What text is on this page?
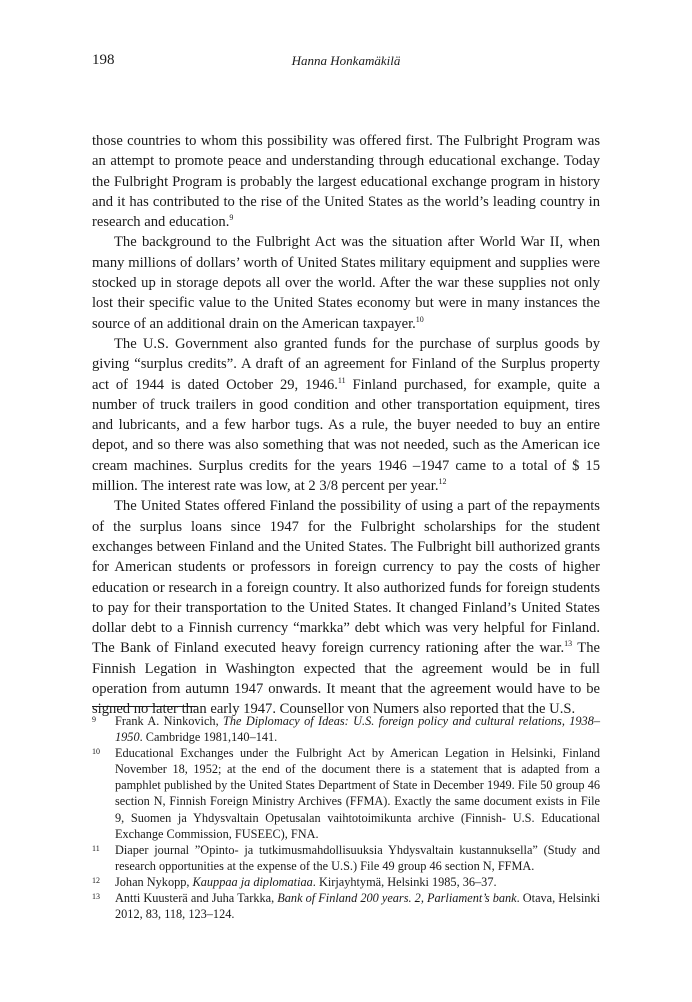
198	Hanna Honkamäkilä

those countries to whom this possibility was offered first. The Fulbright Program was an attempt to promote peace and understanding through educational exchange. Today the Fulbright Program is probably the largest educational exchange program in history and it has contributed to the rise of the United States as the world’s leading country in research and education.$^9$

The background to the Fulbright Act was the situation after World War II, when many millions of dollars’ worth of United States military equipment and supplies were stocked up in storage depots all over the world. After the war these supplies not only lost their specific value to the United States economy but were in many instances the source of an additional drain on the American taxpayer.$^{10}$

The U.S. Government also granted funds for the purchase of surplus goods by giving “surplus credits”. A draft of an agreement for Finland of the Surplus property act of 1944 is dated October 29, 1946.11 Finland purchased, for example, quite a number of truck trailers in good condition and other transportation equipment, tires and lubricants, and a few harbor tugs. As a rule, the buyer needed to buy an entire depot, and so there was also something that was not needed, such as the American ice cream machines. Surplus credits for the years 1946 –1947 came to a total of $ 15 million. The interest rate was low, at 2 3/8 percent per year.$^{12}$

The United States offered Finland the possibility of using a part of the repayments of the surplus loans since 1947 for the Fulbright scholarships for the student exchanges between Finland and the United States. The Fulbright bill authorized grants for American students or professors in foreign currency to pay the costs of higher education or research in a foreign country. It also authorized funds for foreign students to pay for their transportation to the United States. It changed Finland’s United States dollar debt to a Finnish currency “markka” debt which was very helpful for Finland. The Bank of Finland executed heavy foreign currency rationing after the war.$^{13}$ The Finnish Legation in Washington expected that the agreement would be in full operation from autumn 1947 onwards. It meant that the agreement would have to be signed no later than early 1947. Counsellor von Numers also reported that the U.S.

9	Frank A. Ninkovich, The Diplomacy of Ideas: U.S. foreign policy and cultural relations, 1938–1950. Cambridge 1981,140–141.
10	Educational Exchanges under the Fulbright Act by American Legation in Helsinki, Finland November 18, 1952; at the end of the document there is a statement that is adapted from a pamphlet published by the United States Department of State in December 1949. File 50 group 46 section N, Finnish Foreign Ministry Archives (FFMA). Exactly the same document exists in File 9, Suomen ja Yhdysvaltain Opetusalan vaihtotoimikunta archive (Finnish- U.S. Educational Exchange Commission, FUSEEC), FNA.
11	Diaper journal ”Opinto- ja tutkimusmahdollisuuksia Yhdysvaltain kustannuksella” (Study and research opportunities at the expense of the U.S.) File 49 group 46 section N, FFMA.
12	Johan Nykopp, Kauppaa ja diplomatiaa. Kirjayhtymä, Helsinki 1985, 36–37.
13	Antti Kuusterä and Juha Tarkka, Bank of Finland 200 years. 2, Parliament’s bank. Otava, Helsinki 2012, 83, 118, 123–124.
